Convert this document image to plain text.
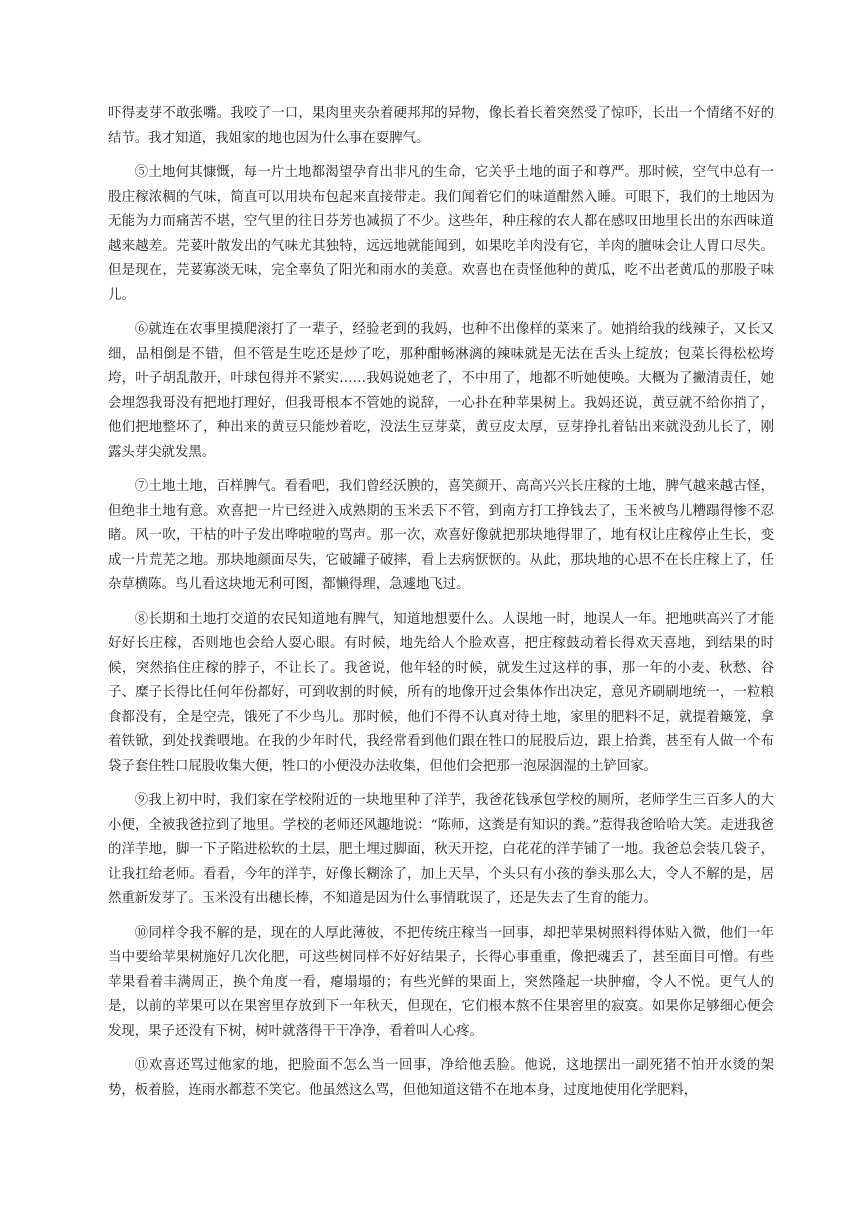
吓得麦芽不敢张嘴。我咬了一口，果肉里夹杂着硬邦邦的异物，像长着长着突然受了惊吓，长出一个情绪不好的结节。我才知道，我姐家的地也因为什么事在耍脾气。

⑤土地何其慷慨，每一片土地都渴望孕育出非凡的生命，它关乎土地的面子和尊严。那时候，空气中总有一股庄稼浓稠的气味，简直可以用块布包起来直接带走。我们闻着它们的味道酣然入睡。可眼下，我们的土地因为无能为力而痛苦不堪，空气里的往日芬芳也减损了不少。这些年，种庄稼的农人都在感叹田地里长出的东西味道越来越差。芫荽叶散发出的气味尤其独特，远远地就能闻到，如果吃羊肉没有它，羊肉的膻味会让人胃口尽失。但是现在，芫荽寡淡无味，完全辜负了阳光和雨水的美意。欢喜也在责怪他种的黄瓜，吃不出老黄瓜的那股子味儿。

⑥就连在农事里摸爬滚打了一辈子，经验老到的我妈，也种不出像样的菜来了。她捎给我的线辣子，又长又细，品相倒是不错，但不管是生吃还是炒了吃，那种酣畅淋漓的辣味就是无法在舌头上绽放；包菜长得松松垮垮，叶子胡乱散开，叶球包得并不紧实……我妈说她老了，不中用了，地都不听她使唤。大概为了撇清责任，她会埋怨我哥没有把地打理好，但我哥根本不管她的说辞，一心扑在种苹果树上。我妈还说，黄豆就不给你捎了，他们把地整坏了，种出来的黄豆只能炒着吃，没法生豆芽菜，黄豆皮太厚，豆芽挣扎着钻出来就没劲儿长了，刚露头芽尖就发黑。

⑦土地土地，百样脾气。看看吧，我们曾经沃腴的，喜笑颜开、高高兴兴长庄稼的土地，脾气越来越古怪，但绝非土地有意。欢喜把一片已经进入成熟期的玉米丢下不管，到南方打工挣钱去了，玉米被鸟儿糟蹋得惨不忍睹。风一吹，干枯的叶子发出哗啦啦的骂声。那一次，欢喜好像就把那块地得罪了，地有权让庄稼停止生长，变成一片荒芜之地。那块地颜面尽失，它破罐子破摔，看上去病恹恹的。从此，那块地的心思不在长庄稼上了，任杂草横陈。鸟儿看这块地无利可图，都懒得理，急遽地飞过。

⑧长期和土地打交道的农民知道地有脾气，知道地想要什么。人误地一时，地误人一年。把地哄高兴了才能好好长庄稼，否则地也会给人耍心眼。有时候，地先给人个脸欢喜，把庄稼鼓动着长得欢天喜地，到结果的时候，突然掐住庄稼的脖子，不让长了。我爸说，他年轻的时候，就发生过这样的事，那一年的小麦、秋愁、谷子、糜子长得比任何年份都好，可到收割的时候，所有的地像开过会集体作出决定，意见齐刷刷地统一，一粒粮食都没有，全是空壳，饿死了不少鸟儿。那时候，他们不得不认真对待土地，家里的肥料不足，就提着簸笼，拿着铁锨，到处找粪喂地。在我的少年时代，我经常看到他们跟在牲口的屁股后边，跟上拾粪，甚至有人做一个布袋子套住牲口屁股收集大便，牲口的小便没办法收集，但他们会把那一泡尿洇湿的土铲回家。

⑨我上初中时，我们家在学校附近的一块地里种了洋芋，我爸花钱承包学校的厕所，老师学生三百多人的大小便，全被我爸拉到了地里。学校的老师还风趣地说：“陈师，这粪是有知识的粪。”惹得我爸哈哈大笑。走进我爸的洋芋地，脚一下子陷进松软的土层，肥土埋过脚面，秋天开挖，白花花的洋芋铺了一地。我爸总会装几袋子，让我扛给老师。看看，今年的洋芋，好像长糊涂了，加上天旱，个头只有小孩的拳头那么大，令人不解的是，居然重新发芽了。玉米没有出穗长棒，不知道是因为什么事情耽误了，还是失去了生育的能力。

⑩同样令我不解的是，现在的人厚此薄彼，不把传统庄稼当一回事，却把苹果树照料得体贴入微，他们一年当中要给苹果树施好几次化肥，可这些树同样不好好结果子，长得心事重重，像把魂丢了，甚至面目可憎。有些苹果看着丰满周正，换个角度一看，瘪塌塌的；有些光鲜的果面上，突然隆起一块肿瘤，令人不悦。更气人的是，以前的苹果可以在果窖里存放到下一年秋天，但现在，它们根本熬不住果窖里的寂寞。如果你足够细心便会发现，果子还没有下树，树叶就落得干干净净，看着叫人心疼。

⑪欢喜还骂过他家的地，把脸面不怎么当一回事，净给他丢脸。他说，这地摆出一副死猪不怕开水烫的架势，板着脸，连雨水都惹不笑它。他虽然这么骂，但他知道这错不在地本身，过度地使用化学肥料，
